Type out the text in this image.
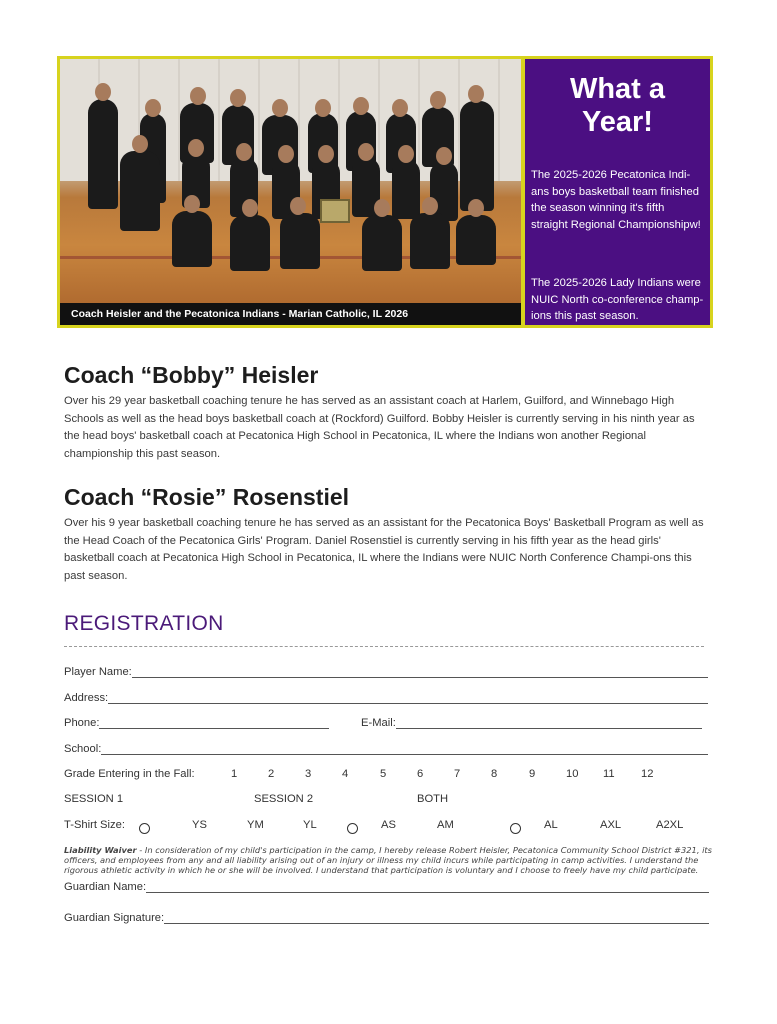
Coach Heisler and the Pecatonica Indians - Marian Catholic, IL 2026
What a Year!
The 2025-2026 Pecatonica Indi-ans boys basketball team finished the season winning it's fifth straight Regional Championshipw!
The 2025-2026 Lady Indians were NUIC North co-conference champ-ions this past season.
Coach “Bobby” Heisler
Over his 29 year basketball coaching tenure he has served as an assistant coach at Harlem, Guilford, and Winnebago High Schools as well as the head boys basketball coach at (Rockford) Guilford. Bobby Heisler is currently serving in his ninth year as the head boys' basketball coach at Pecatonica High School in Pecatonica, IL where the Indians won another Regional championship this past season.
Coach “Rosie” Rosenstiel
Over his 9 year basketball coaching tenure he has served as an assistant for the Pecatonica Boys' Basketball Program as well as the Head Coach of the Pecatonica Girls' Program. Daniel Rosenstiel is currently serving in his fifth year as the head girls' basketball coach at Pecatonica High School in Pecatonica, IL where the Indians were NUIC North Conference Champi-ons this past season.
REGISTRATION
Player Name:
Address:
Phone:	E-Mail:
School:
Grade Entering in the Fall:	1	2	3	4	5	6	7	8	9	10 11 12
SESSION 1	SESSION 2	BOTH
T-Shirt Size:	YS	YM	YL	AS	AM	AL	AXL	A2XL
Liability Waiver - In consideration of my child's participation in the camp, I hereby release Robert Heisler, Pecatonica Community School District #321, its officers, and employees from any and all liability arising out of an injury or illness my child incurs while participating in camp activities. I understand the rigorous athletic activity in which he or she will be involved. I understand that participation is voluntary and I choose to freely have my child participate.
Guardian Name:
Guardian Signature:
